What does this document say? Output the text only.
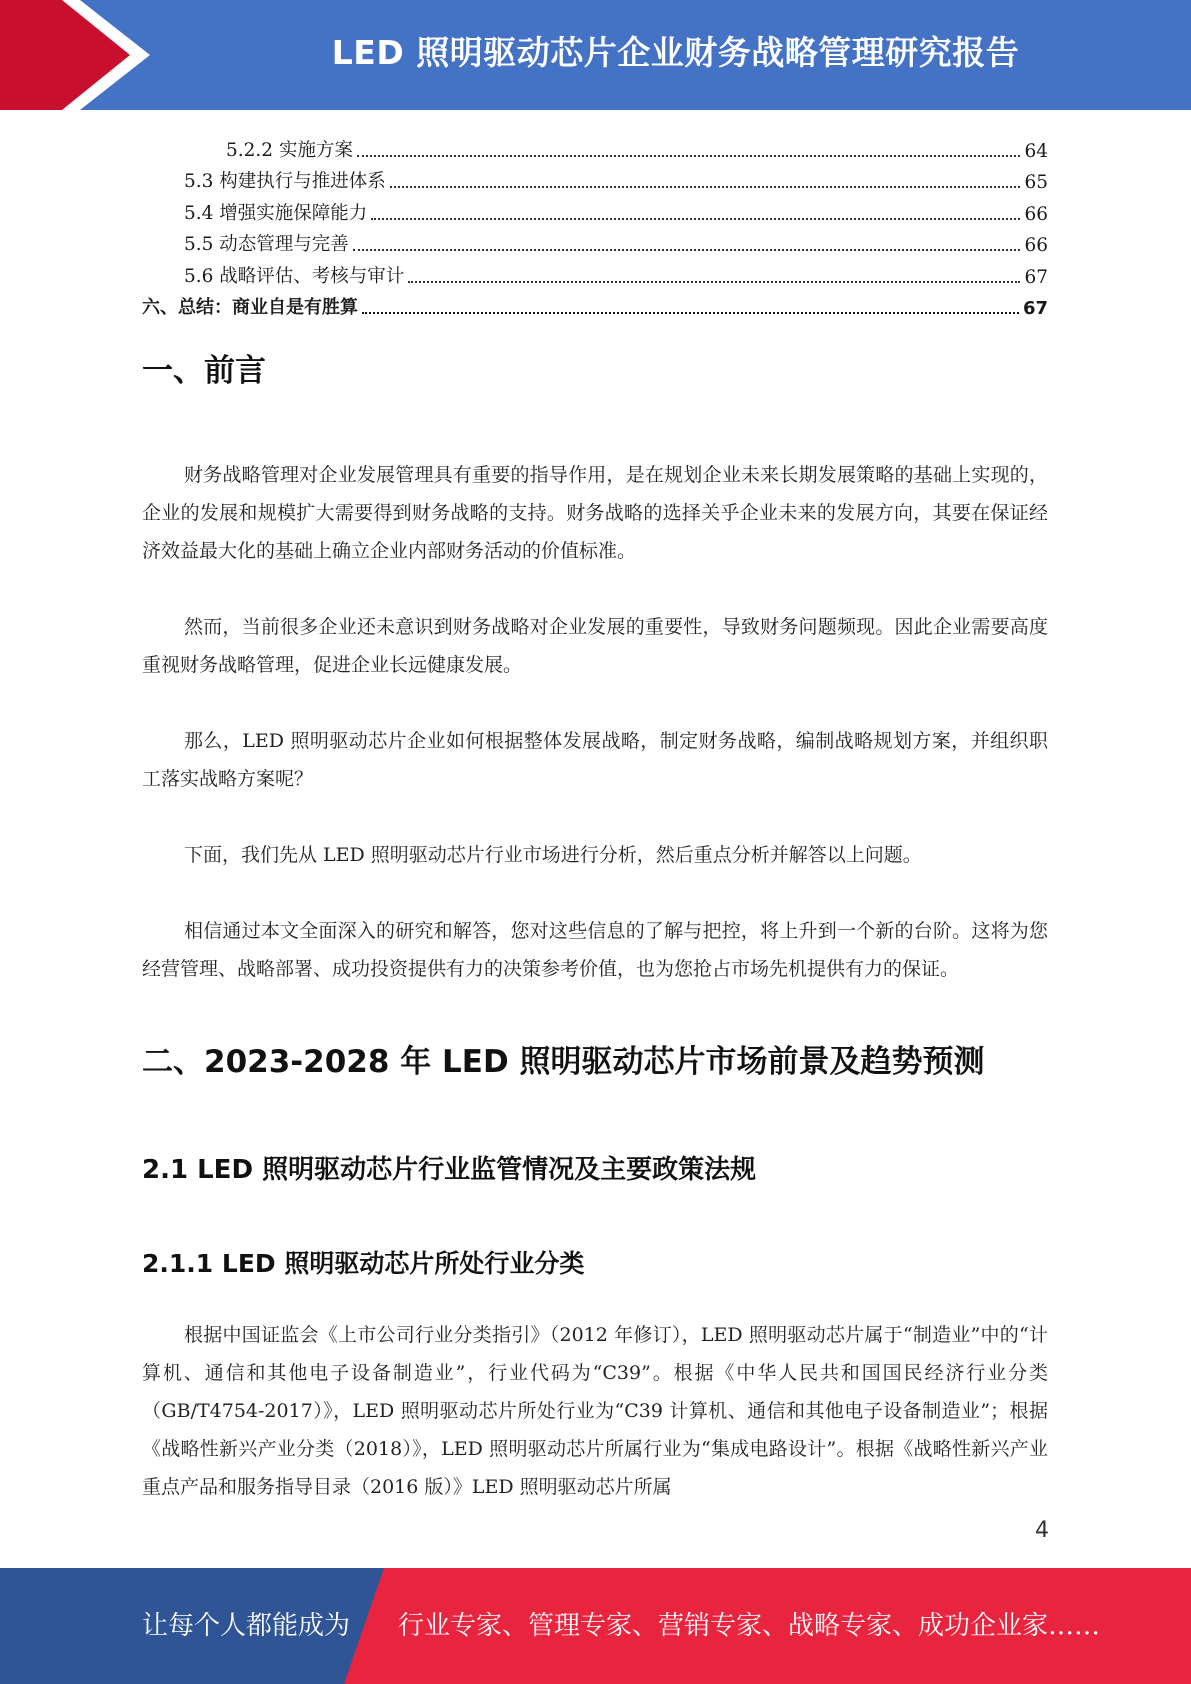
LED 照明驱动芯片企业财务战略管理研究报告
5.2.2 实施方案	64
5.3 构建执行与推进体系	65
5.4 增强实施保障能力	66
5.5 动态管理与完善	66
5.6 战略评估、考核与审计	67
六、总结：商业自是有胜算	67
一、前言

财务战略管理对企业发展管理具有重要的指导作用，是在规划企业未来长期发展策略的基础上实现的，企业的发展和规模扩大需要得到财务战略的支持。财务战略的选择关乎企业未来的发展方向，其要在保证经济效益最大化的基础上确立企业内部财务活动的价值标准。

然而，当前很多企业还未意识到财务战略对企业发展的重要性，导致财务问题频现。因此企业需要高度重视财务战略管理，促进企业长远健康发展。

那么，LED 照明驱动芯片企业如何根据整体发展战略，制定财务战略，编制战略规划方案，并组织职工落实战略方案呢？

下面，我们先从 LED 照明驱动芯片行业市场进行分析，然后重点分析并解答以上问题。

相信通过本文全面深入的研究和解答，您对这些信息的了解与把控，将上升到一个新的台阶。这将为您经营管理、战略部署、成功投资提供有力的决策参考价值，也为您抢占市场先机提供有力的保证。

二、2023-2028 年 LED 照明驱动芯片市场前景及趋势预测
2.1 LED 照明驱动芯片行业监管情况及主要政策法规
2.1.1 LED 照明驱动芯片所处行业分类

根据中国证监会《上市公司行业分类指引》（2012 年修订），LED 照明驱动芯片属于“制造业”中的“计算机、通信和其他电子设备制造业”，行业代码为“C39”。根据《中华人民共和国国民经济行业分类（GB/T4754-2017）》，LED 照明驱动芯片所处行业为“C39 计算机、通信和其他电子设备制造业”；根据《战略性新兴产业分类（2018）》，LED 照明驱动芯片所属行业为“集成电路设计”。根据《战略性新兴产业重点产品和服务指导目录（2016 版）》LED 照明驱动芯片所属

4
让每个人都能成为 行业专家、管理专家、营销专家、战略专家、成功企业家……
